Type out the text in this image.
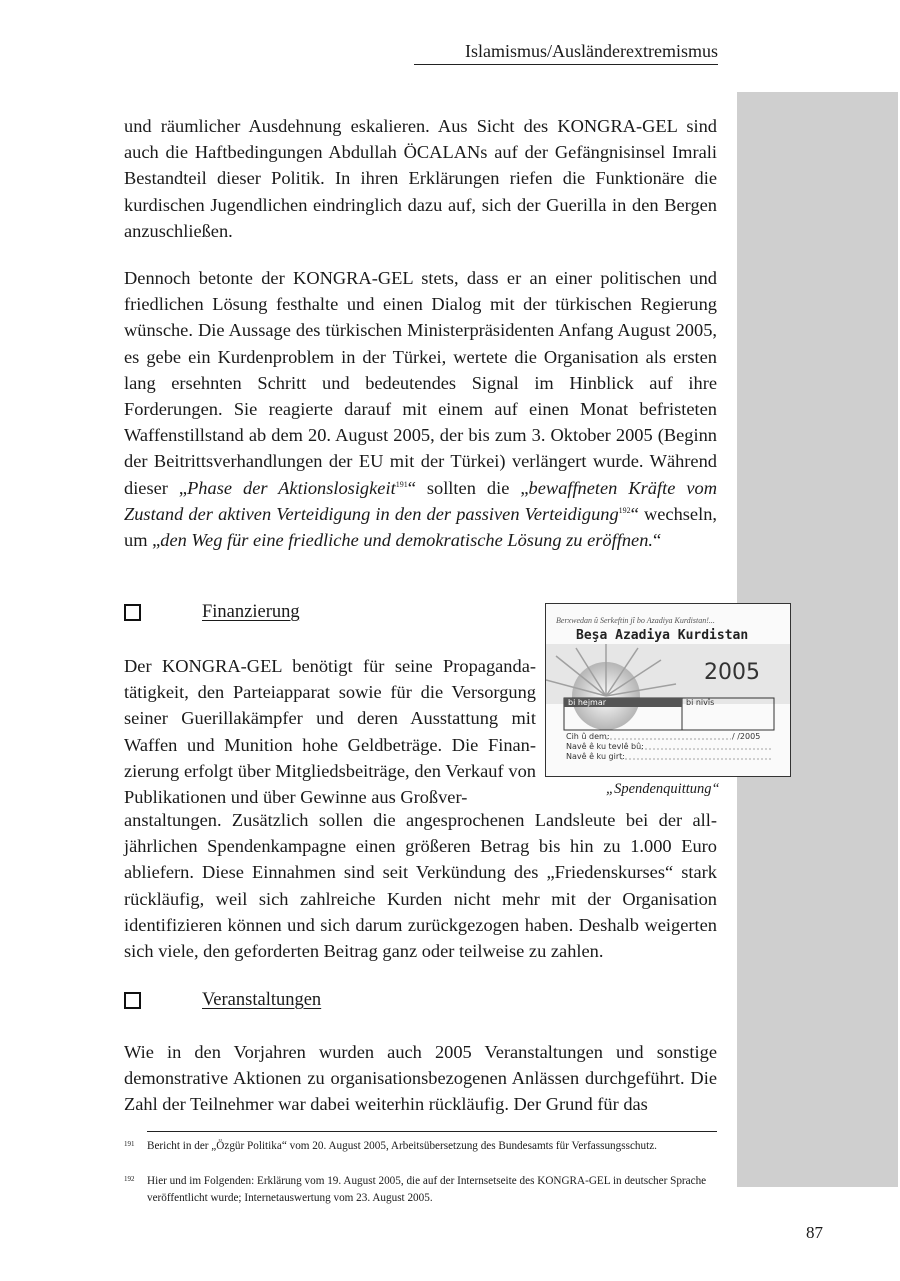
Islamismus/Ausländerextremismus

und räumlicher Ausdehnung eskalieren. Aus Sicht des KONGRA-GEL sind auch die Haftbedingungen Abdullah ÖCALANs auf der Gefängnisinsel Imrali Bestandteil dieser Politik. In ihren Erklärungen riefen die Funktionäre die kurdischen Jugendlichen eindringlich dazu auf, sich der Guerilla in den Bergen anzuschließen.

Dennoch betonte der KONGRA-GEL stets, dass er an einer politischen und friedlichen Lösung festhalte und einen Dialog mit der türkischen Regierung wünsche. Die Aussage des türkischen Ministerpräsidenten Anfang August 2005, es gebe ein Kurdenproblem in der Türkei, wertete die Organisation als ersten lang ersehnten Schritt und bedeutendes Signal im Hinblick auf ihre Forderungen. Sie reagierte darauf mit einem auf einen Monat befristeten Waffenstillstand ab dem 20. August 2005, der bis zum 3. Oktober 2005 (Beginn der Beitrittsverhandlungen der EU mit der Türkei) verlängert wurde. Während dieser „Phase der Aktionslosigkeit$^{191}$“ sollten die „bewaffneten Kräfte vom Zustand der aktiven Verteidigung in den der passiven Verteidigung$^{192}$“ wechseln, um „den Weg für eine friedliche und demokratische Lösung zu eröffnen.“

Finanzierung

Der KONGRA-GEL benötigt für seine Propagandatätigkeit, den Parteiapparat sowie für die Versorgung seiner Guerillakämpfer und deren Ausstattung mit Waffen und Munition hohe Geldbeträge. Die Finanzierung erfolgt über Mitgliedsbeiträge, den Verkauf von Publikationen und über Gewinne aus Großver-

Berxwedan û Serkeftin jî bo Azadiya Kurdistan!...
Beşa Azadiya Kurdistan
2005
bi hejmar	bi nivîs
Cih û dem:	/ /2005
Navê ê ku tevlê bû:
Navê ê ku girt:
„Spendenquittung“

anstaltungen. Zusätzlich sollen die angesprochenen Landsleute bei der alljährlichen Spendenkampagne einen größeren Betrag bis hin zu 1.000 Euro abliefern. Diese Einnahmen sind seit Verkündung des „Friedenskurses“ stark rückläufig, weil sich zahlreiche Kurden nicht mehr mit der Organisation identifizieren können und sich darum zurückgezogen haben. Deshalb weigerten sich viele, den geforderten Beitrag ganz oder teilweise zu zahlen.

Veranstaltungen

Wie in den Vorjahren wurden auch 2005 Veranstaltungen und sonstige demonstrative Aktionen zu organisationsbezogenen Anlässen durchgeführt. Die Zahl der Teilnehmer war dabei weiterhin rückläufig. Der Grund für das

191 Bericht in der „Özgür Politika“ vom 20. August 2005, Arbeitsübersetzung des Bundesamts für Verfassungsschutz.

192 Hier und im Folgenden: Erklärung vom 19. August 2005, die auf der Internsetseite des KONGRA-GEL in deutscher Sprache veröffentlicht wurde; Internetauswertung vom 23. August 2005.

87
